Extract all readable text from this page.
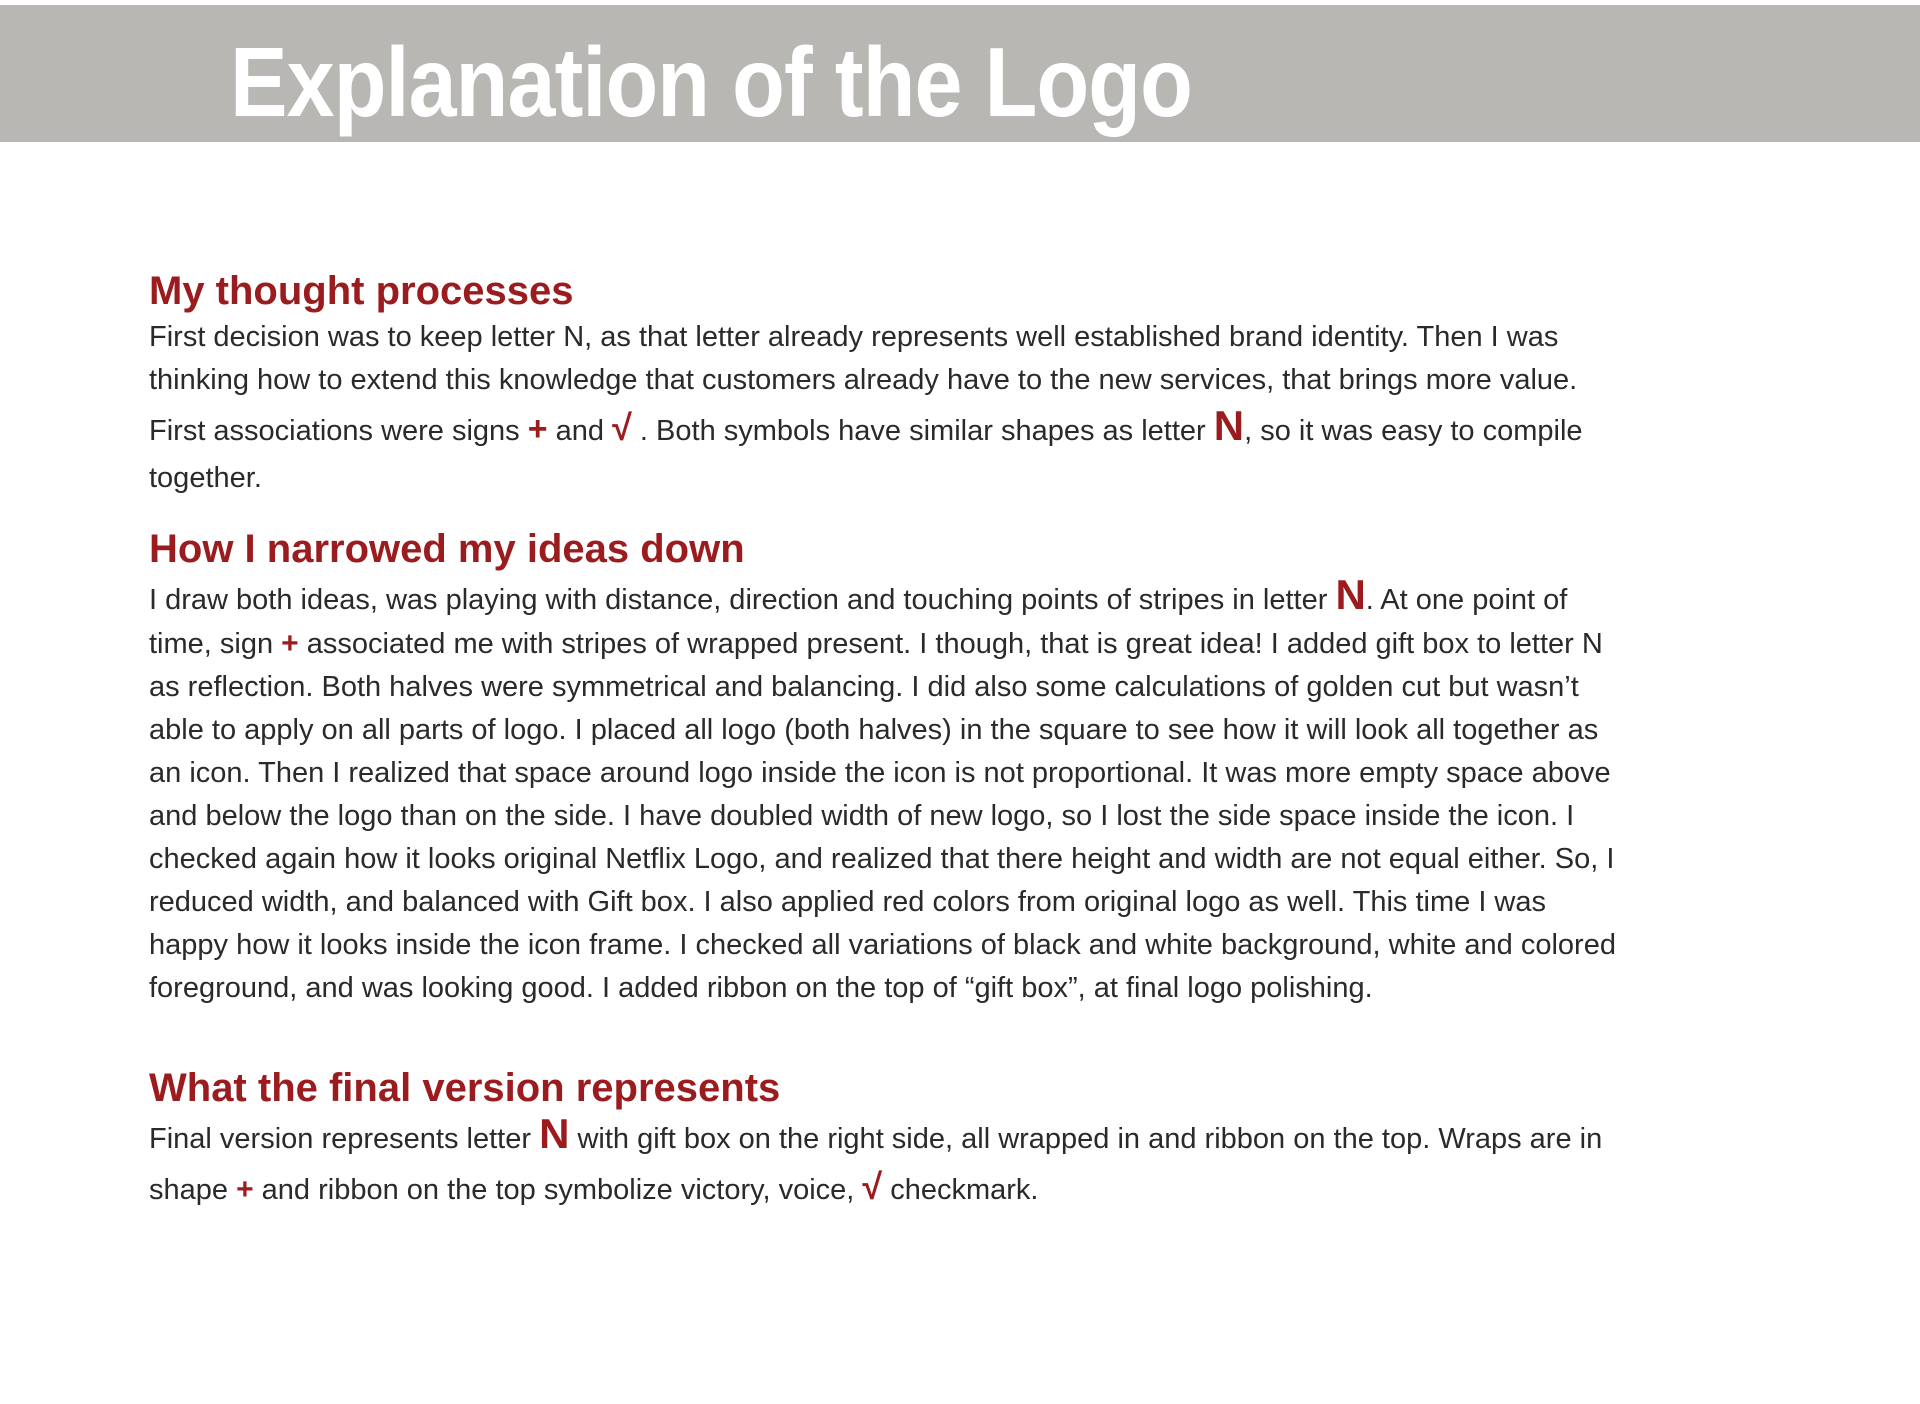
Explanation of the Logo
My thought processes

First decision was to keep letter N, as that letter already represents well established brand identity. Then I was

thinking how to extend this knowledge that customers already have to the new services, that brings more value.

First associations were signs + and √ . Both symbols have similar shapes as letter N, so it was easy to compile

together.

How I narrowed my ideas down

I draw both ideas, was playing with distance, direction and touching points of stripes in letter N. At one point of

time, sign + associated me with stripes of wrapped present. I though, that is great idea! I added gift box to letter N

as reflection. Both halves were symmetrical and balancing. I did also some calculations of golden cut but wasn’t

able to apply on all parts of logo. I placed all logo (both halves) in the square to see how it will look all together as

an icon. Then I realized that space around logo inside the icon is not proportional. It was more empty space above

and below the logo than on the side. I have doubled width of new logo, so I lost the side space inside the icon. I

checked again how it looks original Netflix Logo, and realized that there height and width are not equal either. So, I

reduced width, and balanced with Gift box. I also applied red colors from original logo as well. This time I was

happy how it looks inside the icon frame. I checked all variations of black and white background, white and colored

foreground, and was looking good. I added ribbon on the top of “gift box”, at final logo polishing.

What the final version represents

Final version represents letter N with gift box on the right side, all wrapped in and ribbon on the top. Wraps are in

shape + and ribbon on the top symbolize victory, voice, √ checkmark.
